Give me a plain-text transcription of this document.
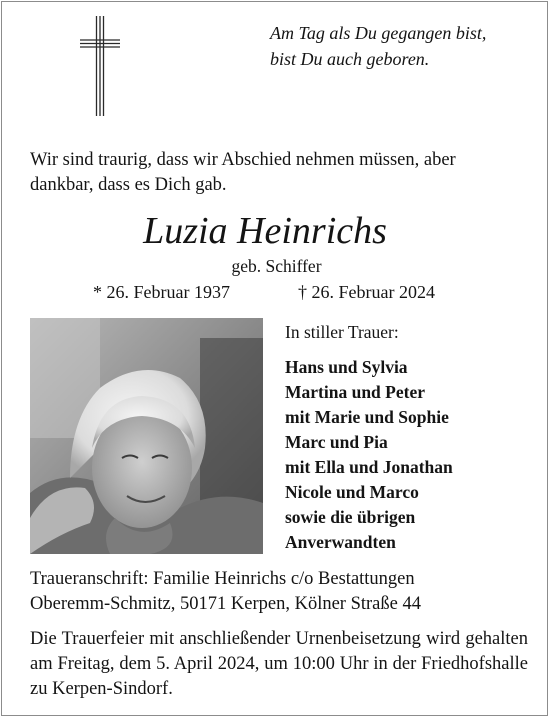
Am Tag als Du gegangen bist,
bist Du auch geboren.
Wir sind traurig, dass wir Abschied nehmen müssen, aber
dankbar, dass es Dich gab.
Luzia Heinrichs
geb. Schiffer
* 26. Februar 1937	† 26. Februar 2024
In stiller Trauer:
Hans und Sylvia
Martina und Peter
mit Marie und Sophie
Marc und Pia
mit Ella und Jonathan
Nicole und Marco
sowie die übrigen
Anverwandten
Traueranschrift: Familie Heinrichs c/o Bestattungen
Oberemm-Schmitz, 50171 Kerpen, Kölner Straße 44
Die Trauerfeier mit anschließender Urnenbeisetzung wird gehalten am Freitag, dem 5. April 2024, um 10:00 Uhr in der Friedhofshalle zu Kerpen-Sindorf.
